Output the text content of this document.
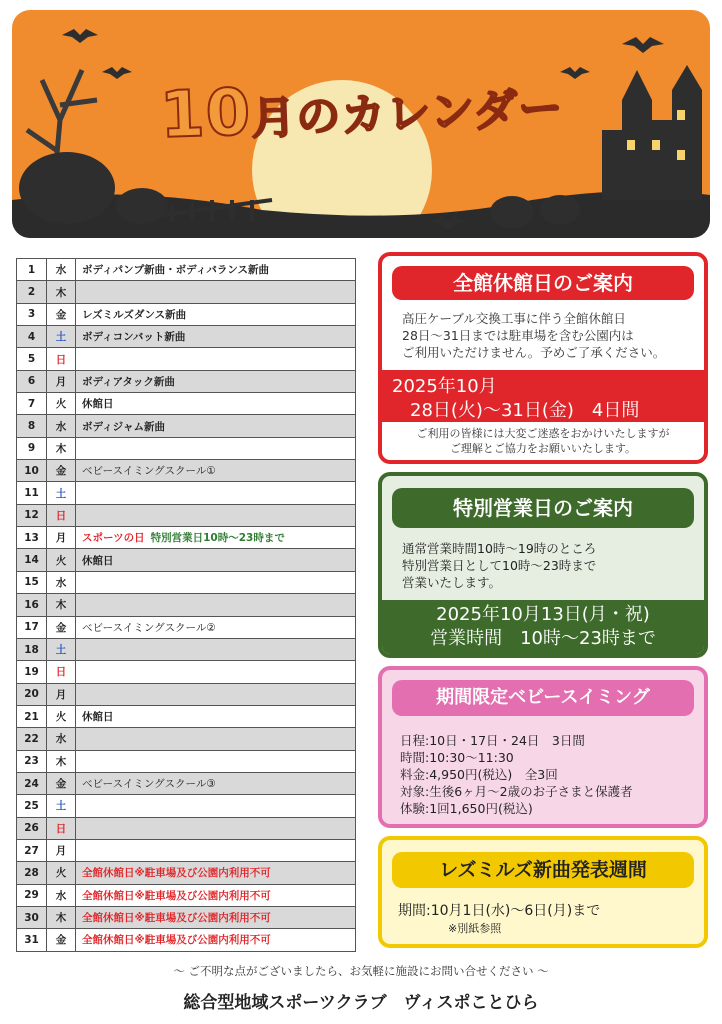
10月のカレンダー
1	水	ボディパンプ新曲・ボディバランス新曲
2	木	
3	金	レズミルズダンス新曲
4	土	ボディコンバット新曲
5	日	
6	月	ボディアタック新曲
7	火	休館日
8	水	ボディジャム新曲
9	木	
10	金	ベビースイミングスクール①
11	土	
12	日	
13	月	スポーツの日 特別営業日10時～23時まで
14	火	休館日
15	水	
16	木	
17	金	ベビースイミングスクール②
18	土	
19	日	
20	月	
21	火	休館日
22	水	
23	木	
24	金	ベビースイミングスクール③
25	土	
26	日	
27	月	
28	火	全館休館日※駐車場及び公園内利用不可
29	水	全館休館日※駐車場及び公園内利用不可
30	木	全館休館日※駐車場及び公園内利用不可
31	金	全館休館日※駐車場及び公園内利用不可
全館休館日のご案内
高圧ケーブル交換工事に伴う全館休館日
28日～31日までは駐車場を含む公園内は
ご利用いただけません。予めご了承ください。
2025年10月
28日(火)～31日(金)　4日間
ご利用の皆様には大変ご迷惑をおかけいたしますが
ご理解とご協力をお願いいたします。
特別営業日のご案内
通常営業時間10時～19時のところ
特別営業日として10時～23時まで
営業いたします。
2025年10月13日(月・祝)
営業時間　10時～23時まで
期間限定ベビースイミング
日程:10日・17日・24日　3日間
時間:10:30～11:30
料金:4,950円(税込)　全3回
対象:生後6ヶ月～2歳のお子さまと保護者
体験:1回1,650円(税込)
レズミルズ新曲発表週間
期間:10月1日(水)～6日(月)まで
※別紙参照
～ ご不明な点がございましたら、お気軽に施設にお問い合せください ～
総合型地域スポーツクラブ　ヴィスポことひら
